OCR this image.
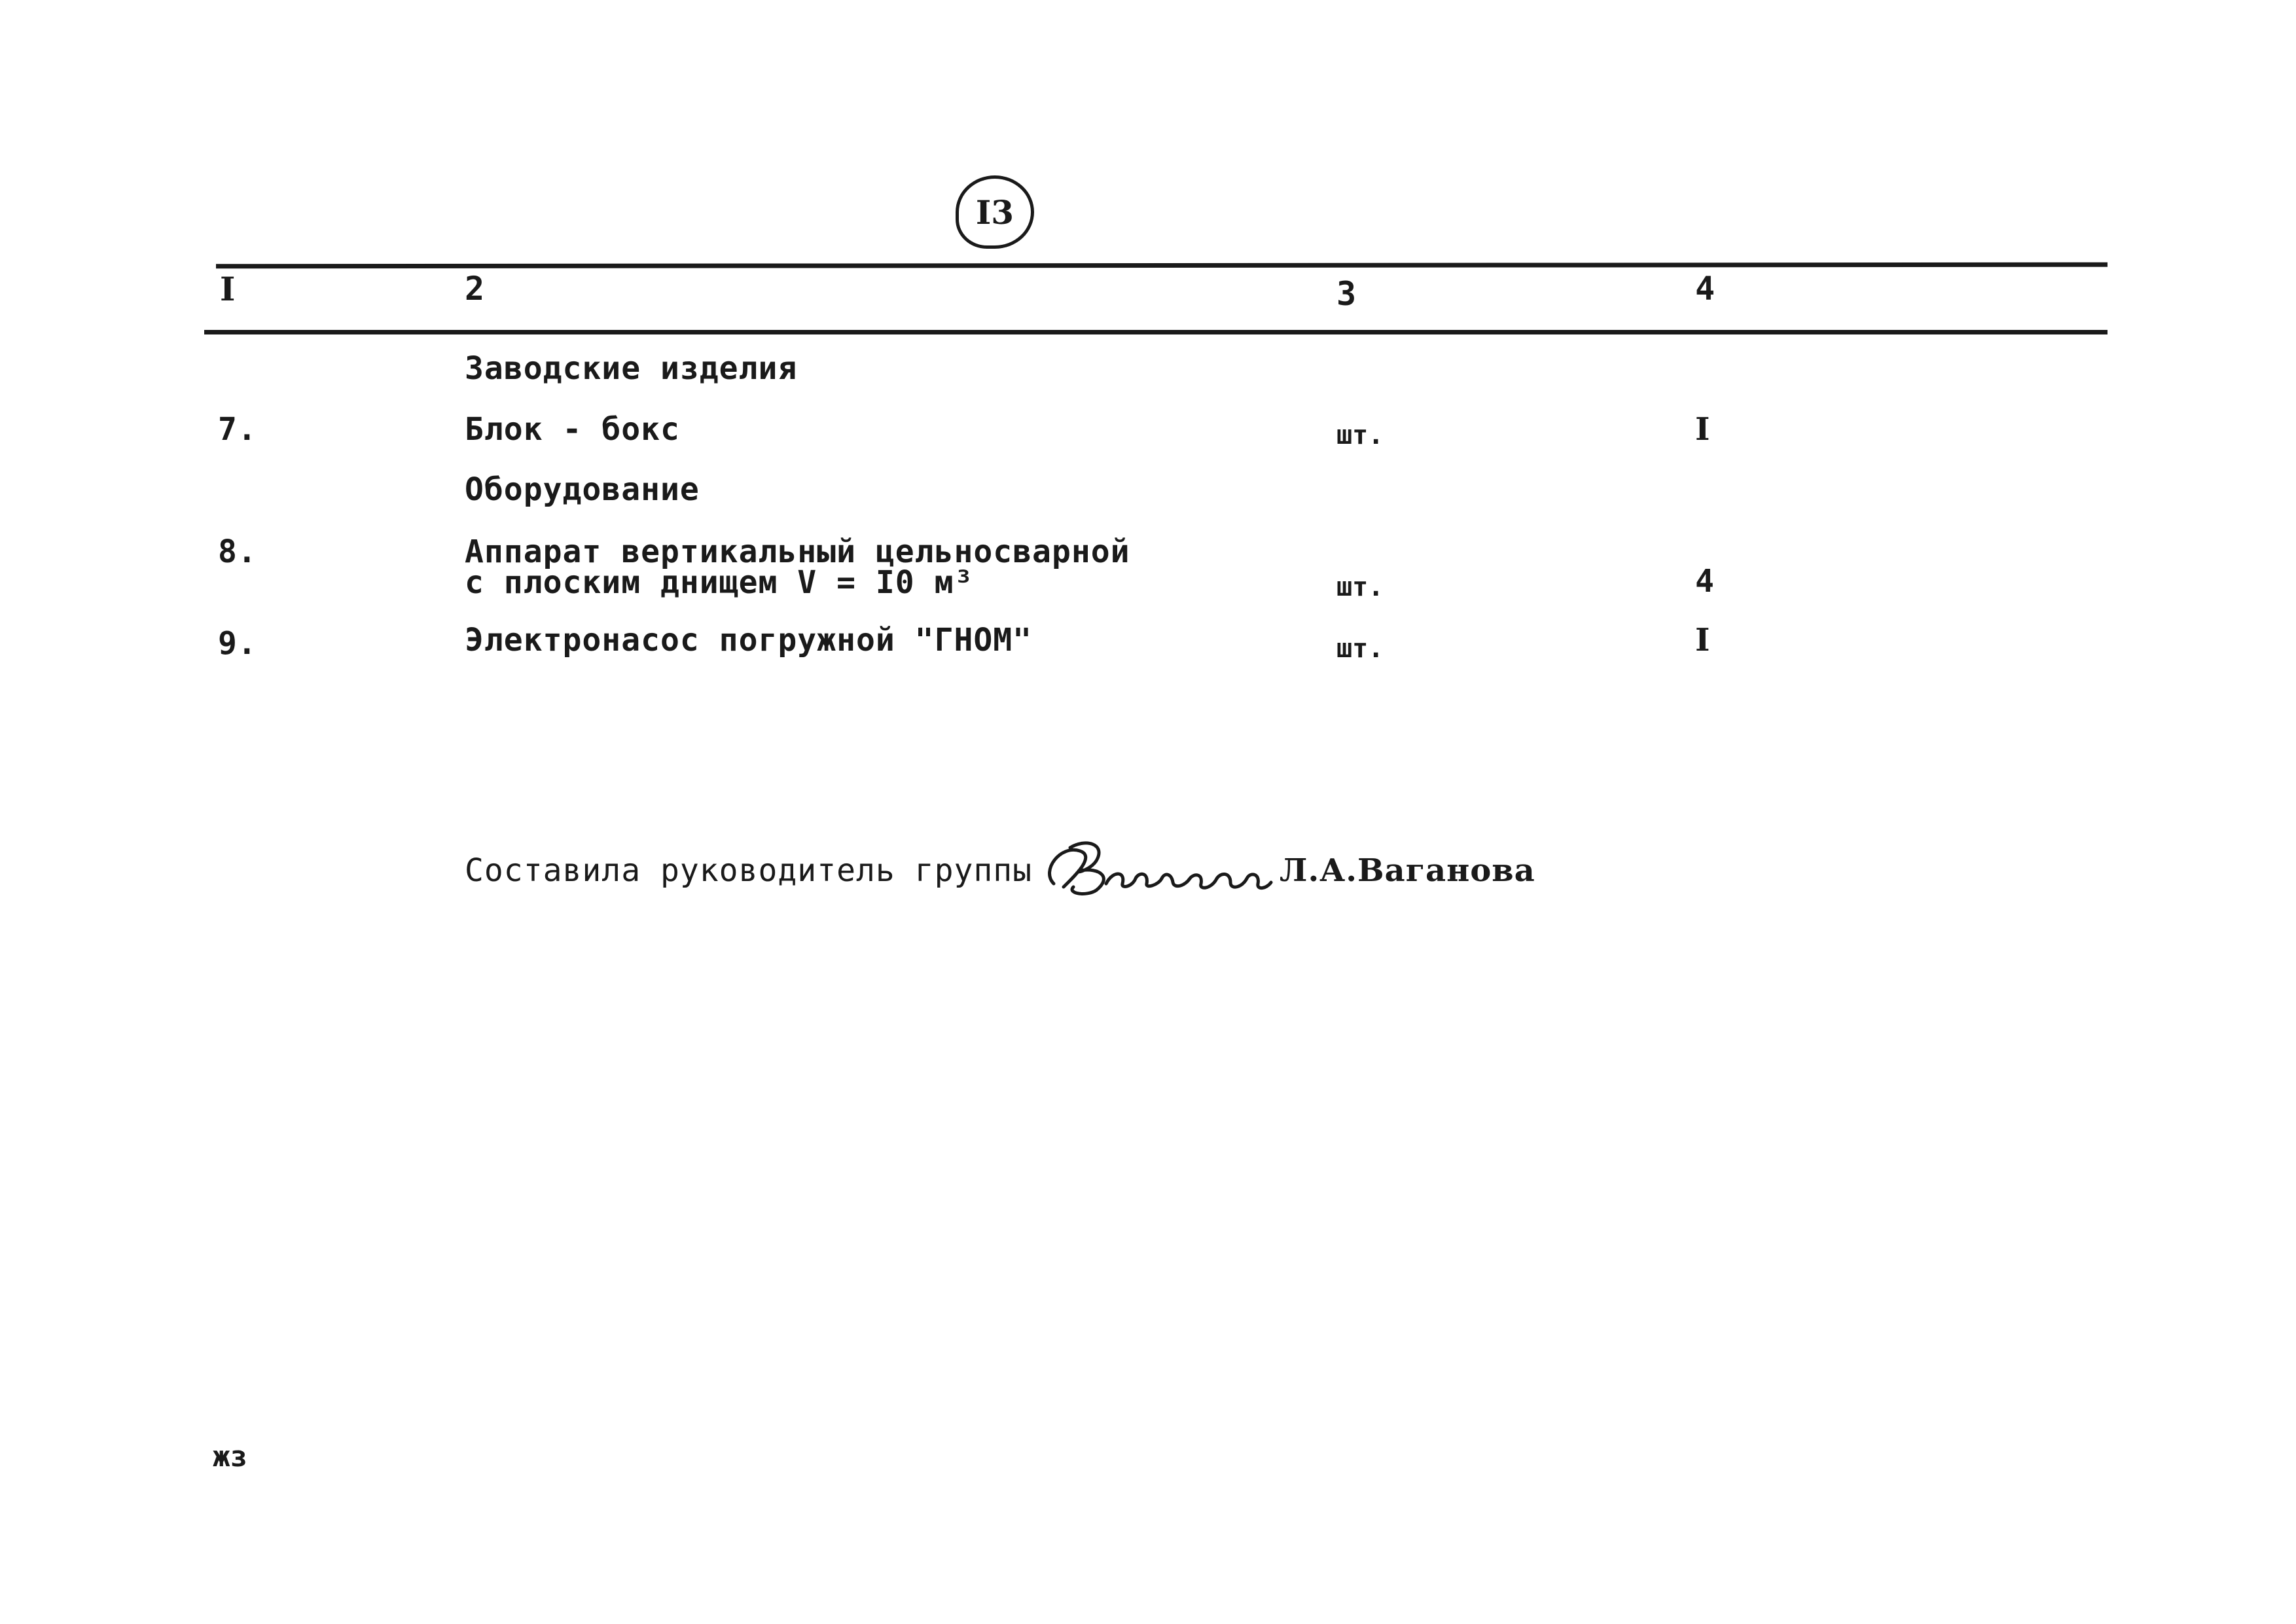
I3
I	2	3	4
Заводские изделия
7.	Блок - бокс	шт.	I
Оборудование
8.	Аппарат вертикальный цельносварной
с плоским днищем V = I0 м³	шт.	4
9.	Электронасос погружной "ГНОМ"	шт.	I
Составила руководитель группы	Л.А.Ваганова
жз
